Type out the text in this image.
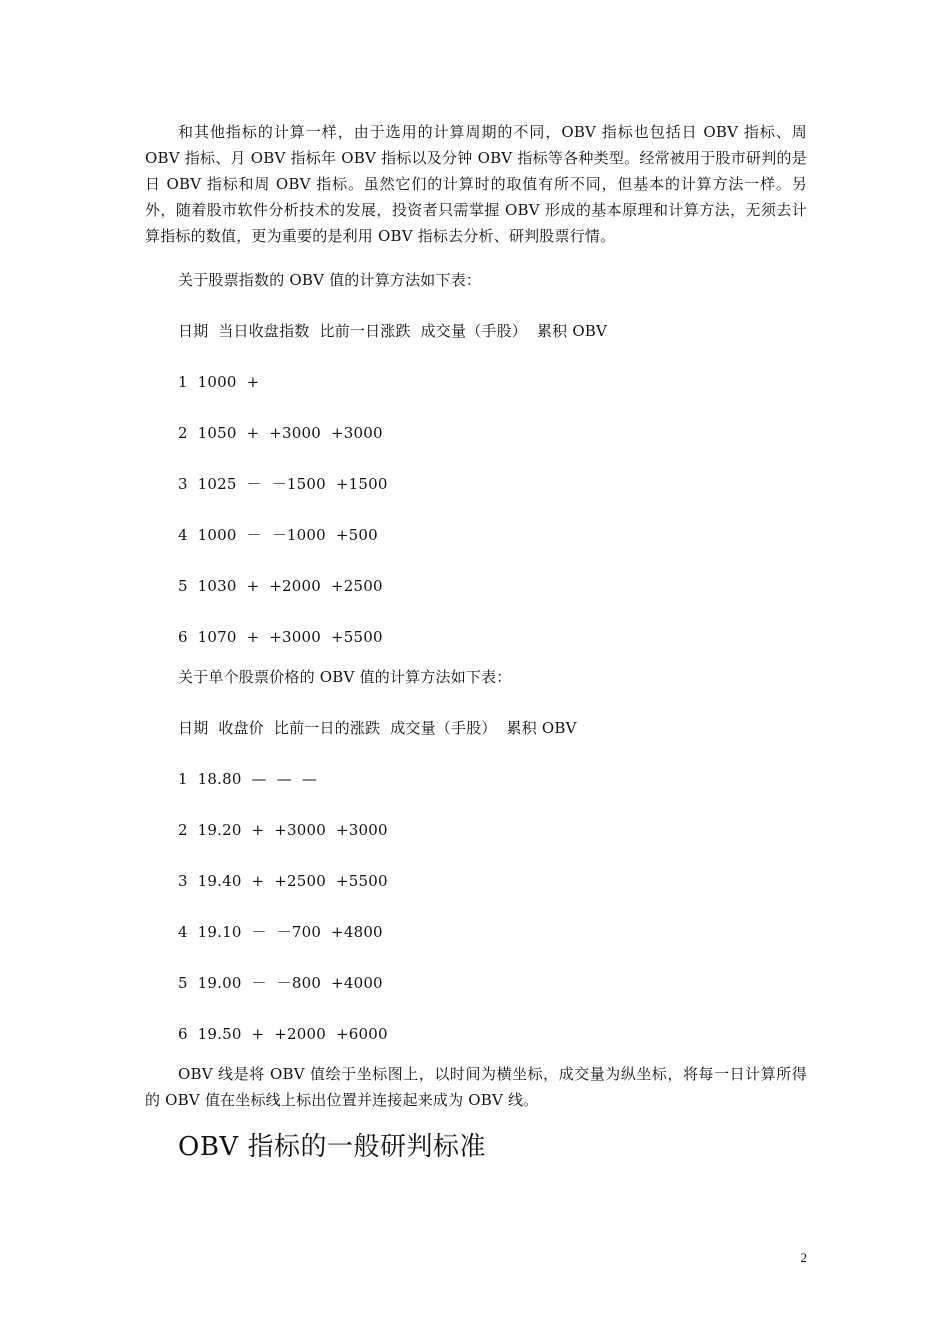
和其他指标的计算一样，由于选用的计算周期的不同，OBV 指标也包括日 OBV 指标、周 OBV 指标、月 OBV 指标年 OBV 指标以及分钟 OBV 指标等各种类型。经常被用于股市研判的是日 OBV 指标和周 OBV 指标。虽然它们的计算时的取值有所不同，但基本的计算方法一样。另外，随着股市软件分析技术的发展，投资者只需掌握 OBV 形成的基本原理和计算方法，无须去计算指标的数值，更为重要的是利用 OBV 指标去分析、研判股票行情。

关于股票指数的 OBV 值的计算方法如下表：
日期  当日收盘指数  比前一日涨跌  成交量（手股）  累积 OBV
1  1000  +
2  1050  +  +3000  +3000
3  1025  －  －1500  +1500
4  1000  －  －1000  +500
5  1030  +  +2000  +2500
6  1070  +  +3000  +5500
关于单个股票价格的 OBV 值的计算方法如下表：
日期  收盘价  比前一日的涨跌  成交量（手股）  累积 OBV
1  18.80  —  —  —
2  19.20  +  +3000  +3000
3  19.40  +  +2500  +5500
4  19.10  －  －700  +4800
5  19.00  －  －800  +4000
6  19.50  +  +2000  +6000

OBV 线是将 OBV 值绘于坐标图上，以时间为横坐标，成交量为纵坐标，将每一日计算所得的 OBV 值在坐标线上标出位置并连接起来成为 OBV 线。

OBV 指标的一般研判标准
2
